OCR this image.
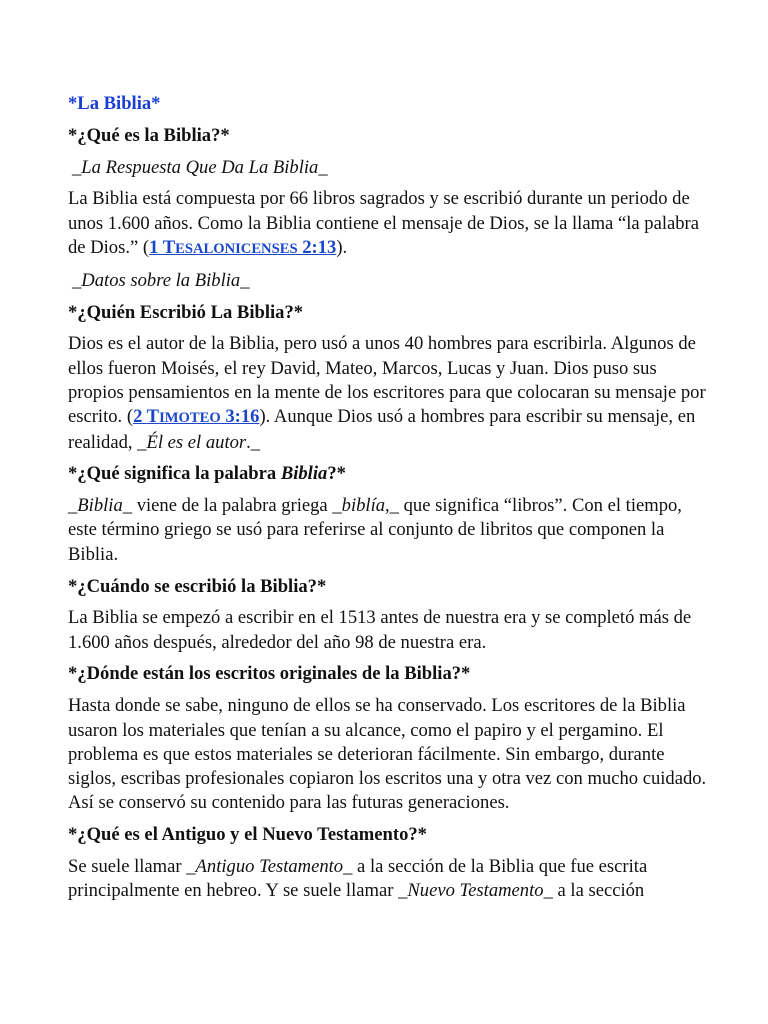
*La Biblia*
*¿Qué es la Biblia?*
_La Respuesta Que Da La Biblia_
La Biblia está compuesta por 66 libros sagrados y se escribió durante un periodo de unos 1.600 años. Como la Biblia contiene el mensaje de Dios, se la llama “la palabra de Dios.” (1 TESALONICENSES 2:13).
_Datos sobre la Biblia_
*¿Quién Escribió La Biblia?*
Dios es el autor de la Biblia, pero usó a unos 40 hombres para escribirla. Algunos de ellos fueron Moisés, el rey David, Mateo, Marcos, Lucas y Juan. Dios puso sus propios pensamientos en la mente de los escritores para que colocaran su mensaje por escrito. (2 TIMOTEO 3:16). Aunque Dios usó a hombres para escribir su mensaje, en realidad, _Él es el autor._
*¿Qué significa la palabra Biblia?*
_Biblia_ viene de la palabra griega _biblía,_ que significa “libros”. Con el tiempo, este término griego se usó para referirse al conjunto de libritos que componen la Biblia.
*¿Cuándo se escribió la Biblia?*
La Biblia se empezó a escribir en el 1513 antes de nuestra era y se completó más de 1.600 años después, alrededor del año 98 de nuestra era.
*¿Dónde están los escritos originales de la Biblia?*
Hasta donde se sabe, ninguno de ellos se ha conservado. Los escritores de la Biblia usaron los materiales que tenían a su alcance, como el papiro y el pergamino. El problema es que estos materiales se deterioran fácilmente. Sin embargo, durante siglos, escribas profesionales copiaron los escritos una y otra vez con mucho cuidado. Así se conservó su contenido para las futuras generaciones.
*¿Qué es el Antiguo y el Nuevo Testamento?*
Se suele llamar _Antiguo Testamento_ a la sección de la Biblia que fue escrita principalmente en hebreo. Y se suele llamar _Nuevo Testamento_ a la sección
